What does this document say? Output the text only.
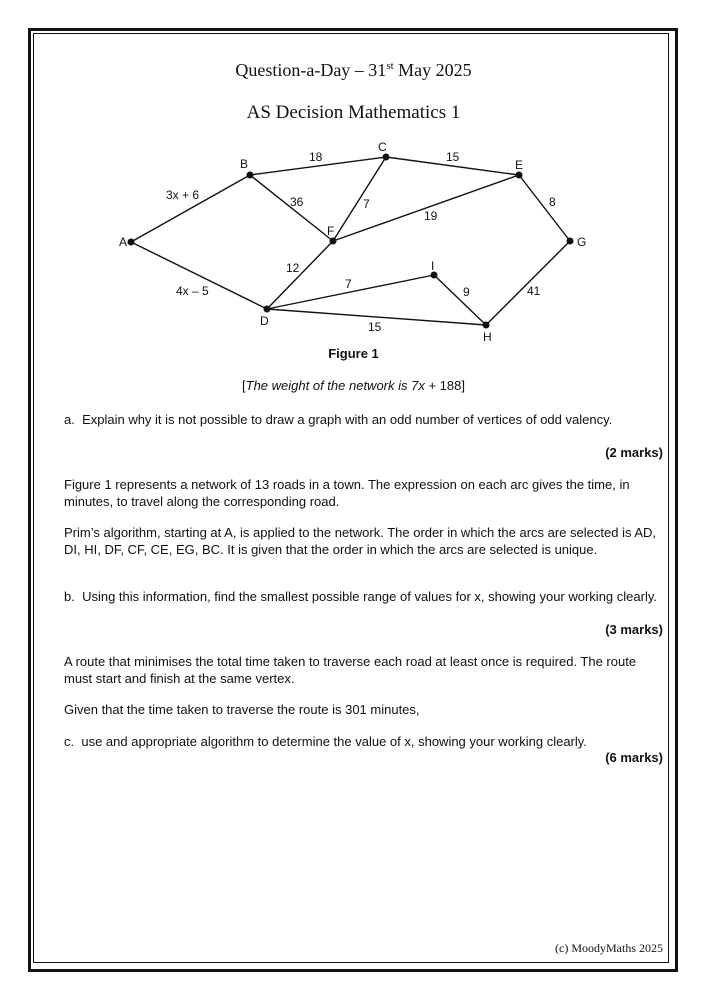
Question-a-Day – 31st May 2025
AS Decision Mathematics 1
A
B
C
E
F
G
D
I
H
3x + 6
4x – 5
18
36
15
7
19
8
12
7
9
15
41
Figure 1
[The weight of the network is 7x + 188]
a.  Explain why it is not possible to draw a graph with an odd number of vertices of odd valency.
(2 marks)
Figure 1 represents a network of 13 roads in a town. The expression on each arc gives the time, in minutes, to travel along the corresponding road.
Prim’s algorithm, starting at A, is applied to the network. The order in which the arcs are selected is AD, DI, HI, DF, CF, CE, EG, BC. It is given that the order in which the arcs are selected is unique.
b.  Using this information, find the smallest possible range of values for x, showing your working clearly.
(3 marks)
A route that minimises the total time taken to traverse each road at least once is required. The route must start and finish at the same vertex.
Given that the time taken to traverse the route is 301 minutes,
c.  use and appropriate algorithm to determine the value of x, showing your working clearly.
(6 marks)
(c) MoodyMaths 2025
